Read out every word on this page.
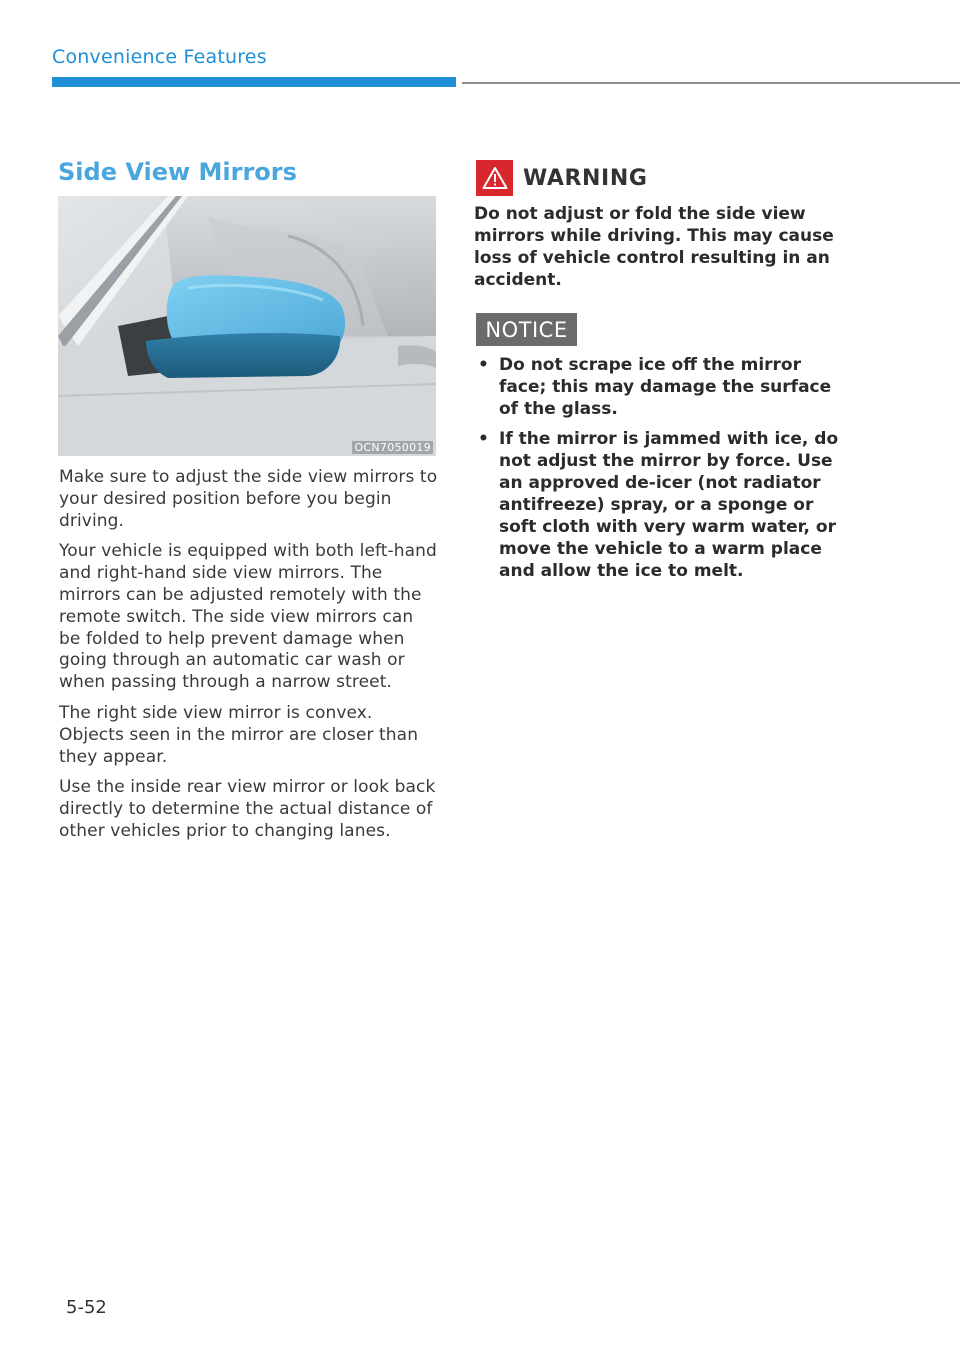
Convenience Features
Side View Mirrors
OCN7050019

Make sure to adjust the side view mirrors to your desired position before you begin driving.

Your vehicle is equipped with both left-hand and right-hand side view mirrors. The mirrors can be adjusted remotely with the remote switch. The side view mirrors can be folded to help prevent damage when going through an automatic car wash or when passing through a narrow street.

The right side view mirror is convex. Objects seen in the mirror are closer than they appear.

Use the inside rear view mirror or look back directly to determine the actual distance of other vehicles prior to changing lanes.

WARNING

Do not adjust or fold the side view mirrors while driving. This may cause loss of vehicle control resulting in an accident.

NOTICE
• Do not scrape ice off the mirror face; this may damage the surface of the glass.
• If the mirror is jammed with ice, do not adjust the mirror by force. Use an approved de-icer (not radiator antifreeze) spray, or a sponge or soft cloth with very warm water, or move the vehicle to a warm place and allow the ice to melt.
5-52
